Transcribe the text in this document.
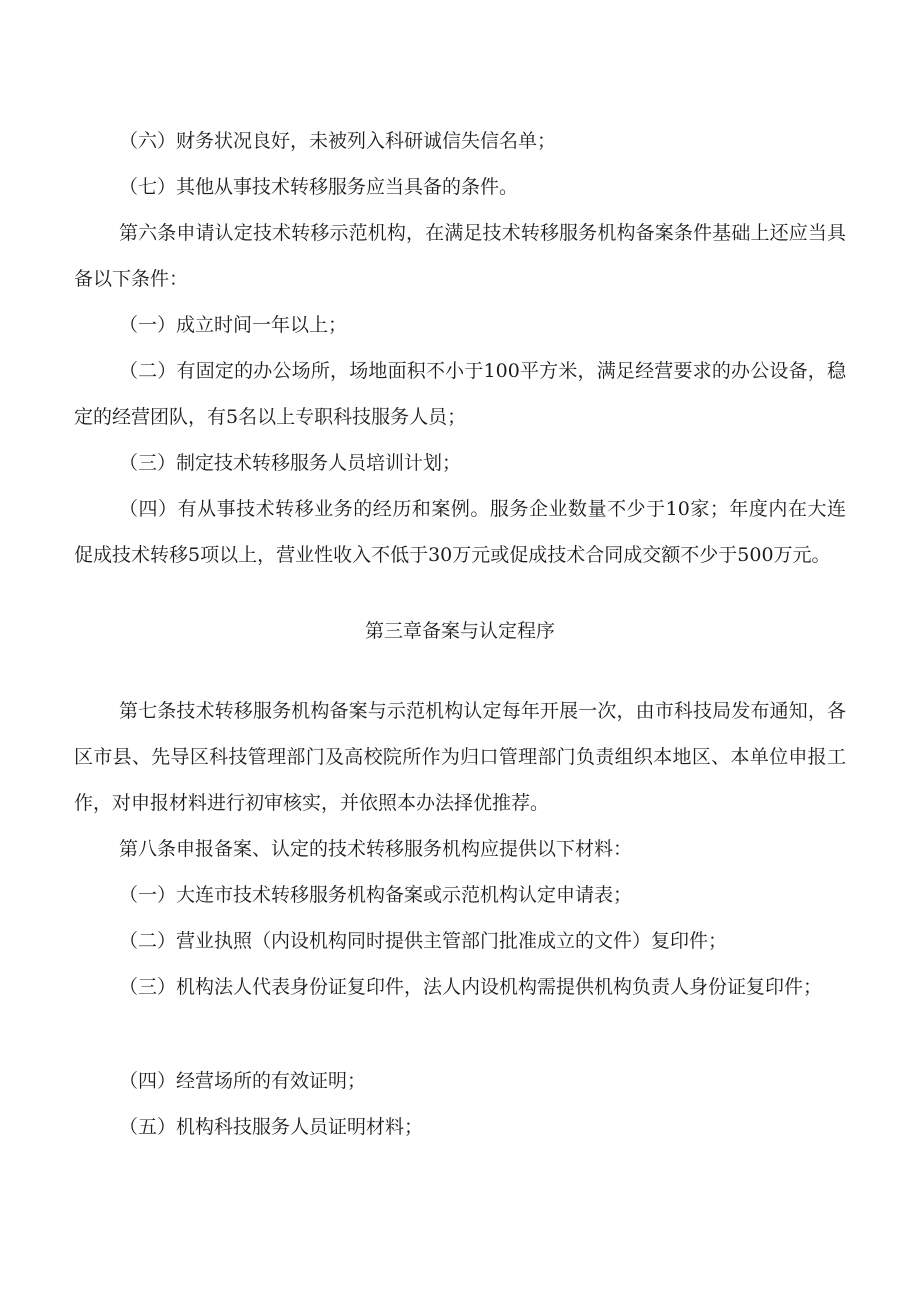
（六）财务状况良好，未被列入科研诚信失信名单；

（七）其他从事技术转移服务应当具备的条件。

第六条申请认定技术转移示范机构，在满足技术转移服务机构备案条件基础上还应当具备以下条件：

（一）成立时间一年以上；

（二）有固定的办公场所，场地面积不小于100平方米，满足经营要求的办公设备，稳定的经营团队，有5名以上专职科技服务人员；

（三）制定技术转移服务人员培训计划；

（四）有从事技术转移业务的经历和案例。服务企业数量不少于10家；年度内在大连促成技术转移5项以上，营业性收入不低于30万元或促成技术合同成交额不少于500万元。

第三章备案与认定程序

第七条技术转移服务机构备案与示范机构认定每年开展一次，由市科技局发布通知，各区市县、先导区科技管理部门及高校院所作为归口管理部门负责组织本地区、本单位申报工作，对申报材料进行初审核实，并依照本办法择优推荐。

第八条申报备案、认定的技术转移服务机构应提供以下材料：

（一）大连市技术转移服务机构备案或示范机构认定申请表；

（二）营业执照（内设机构同时提供主管部门批准成立的文件）复印件；

（三）机构法人代表身份证复印件，法人内设机构需提供机构负责人身份证复印件；

（四）经营场所的有效证明；

（五）机构科技服务人员证明材料；
